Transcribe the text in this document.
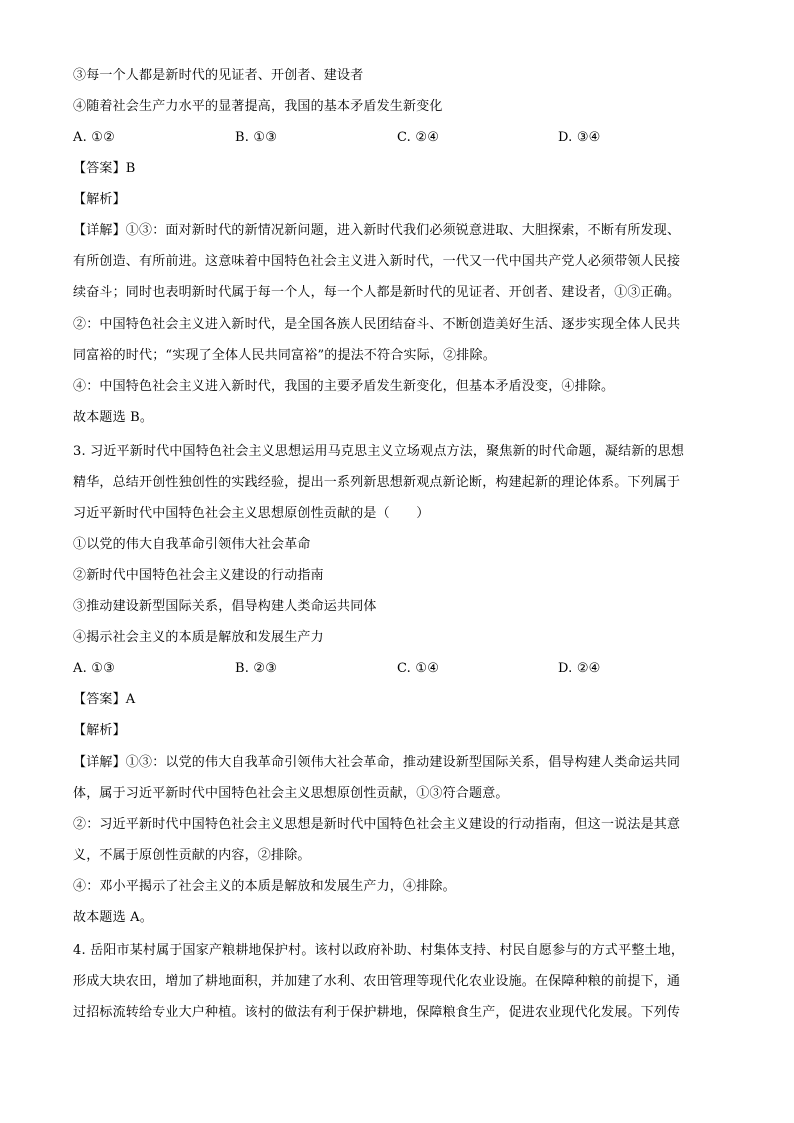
③每一个人都是新时代的见证者、开创者、建设者
④随着社会生产力水平的显著提高，我国的基本矛盾发生新变化
A. ①②	B. ①③	C. ②④	D. ③④
【答案】B
【解析】
【详解】①③：面对新时代的新情况新问题，进入新时代我们必须锐意进取、大胆探索，不断有所发现、
有所创造、有所前进。这意味着中国特色社会主义进入新时代，一代又一代中国共产党人必须带领人民接
续奋斗；同时也表明新时代属于每一个人，每一个人都是新时代的见证者、开创者、建设者，①③正确。
②：中国特色社会主义进入新时代，是全国各族人民团结奋斗、不断创造美好生活、逐步实现全体人民共
同富裕的时代；“实现了全体人民共同富裕”的提法不符合实际，②排除。
④：中国特色社会主义进入新时代，我国的主要矛盾发生新变化，但基本矛盾没变，④排除。
故本题选 B。
3. 习近平新时代中国特色社会主义思想运用马克思主义立场观点方法，聚焦新的时代命题，凝结新的思想
精华，总结开创性独创性的实践经验，提出一系列新思想新观点新论断，构建起新的理论体系。下列属于
习近平新时代中国特色社会主义思想原创性贡献的是（　　）
①以党的伟大自我革命引领伟大社会革命
②新时代中国特色社会主义建设的行动指南
③推动建设新型国际关系，倡导构建人类命运共同体
④揭示社会主义的本质是解放和发展生产力
A. ①③	B. ②③	C. ①④	D. ②④
【答案】A
【解析】
【详解】①③：以党的伟大自我革命引领伟大社会革命，推动建设新型国际关系，倡导构建人类命运共同
体，属于习近平新时代中国特色社会主义思想原创性贡献，①③符合题意。
②：习近平新时代中国特色社会主义思想是新时代中国特色社会主义建设的行动指南，但这一说法是其意
义，不属于原创性贡献的内容，②排除。
④：邓小平揭示了社会主义的本质是解放和发展生产力，④排除。
故本题选 A。
4. 岳阳市某村属于国家产粮耕地保护村。该村以政府补助、村集体支持、村民自愿参与的方式平整土地，
形成大块农田，增加了耕地面积，并加建了水利、农田管理等现代化农业设施。在保障种粮的前提下，通
过招标流转给专业大户种植。该村的做法有利于保护耕地，保障粮食生产，促进农业现代化发展。下列传
